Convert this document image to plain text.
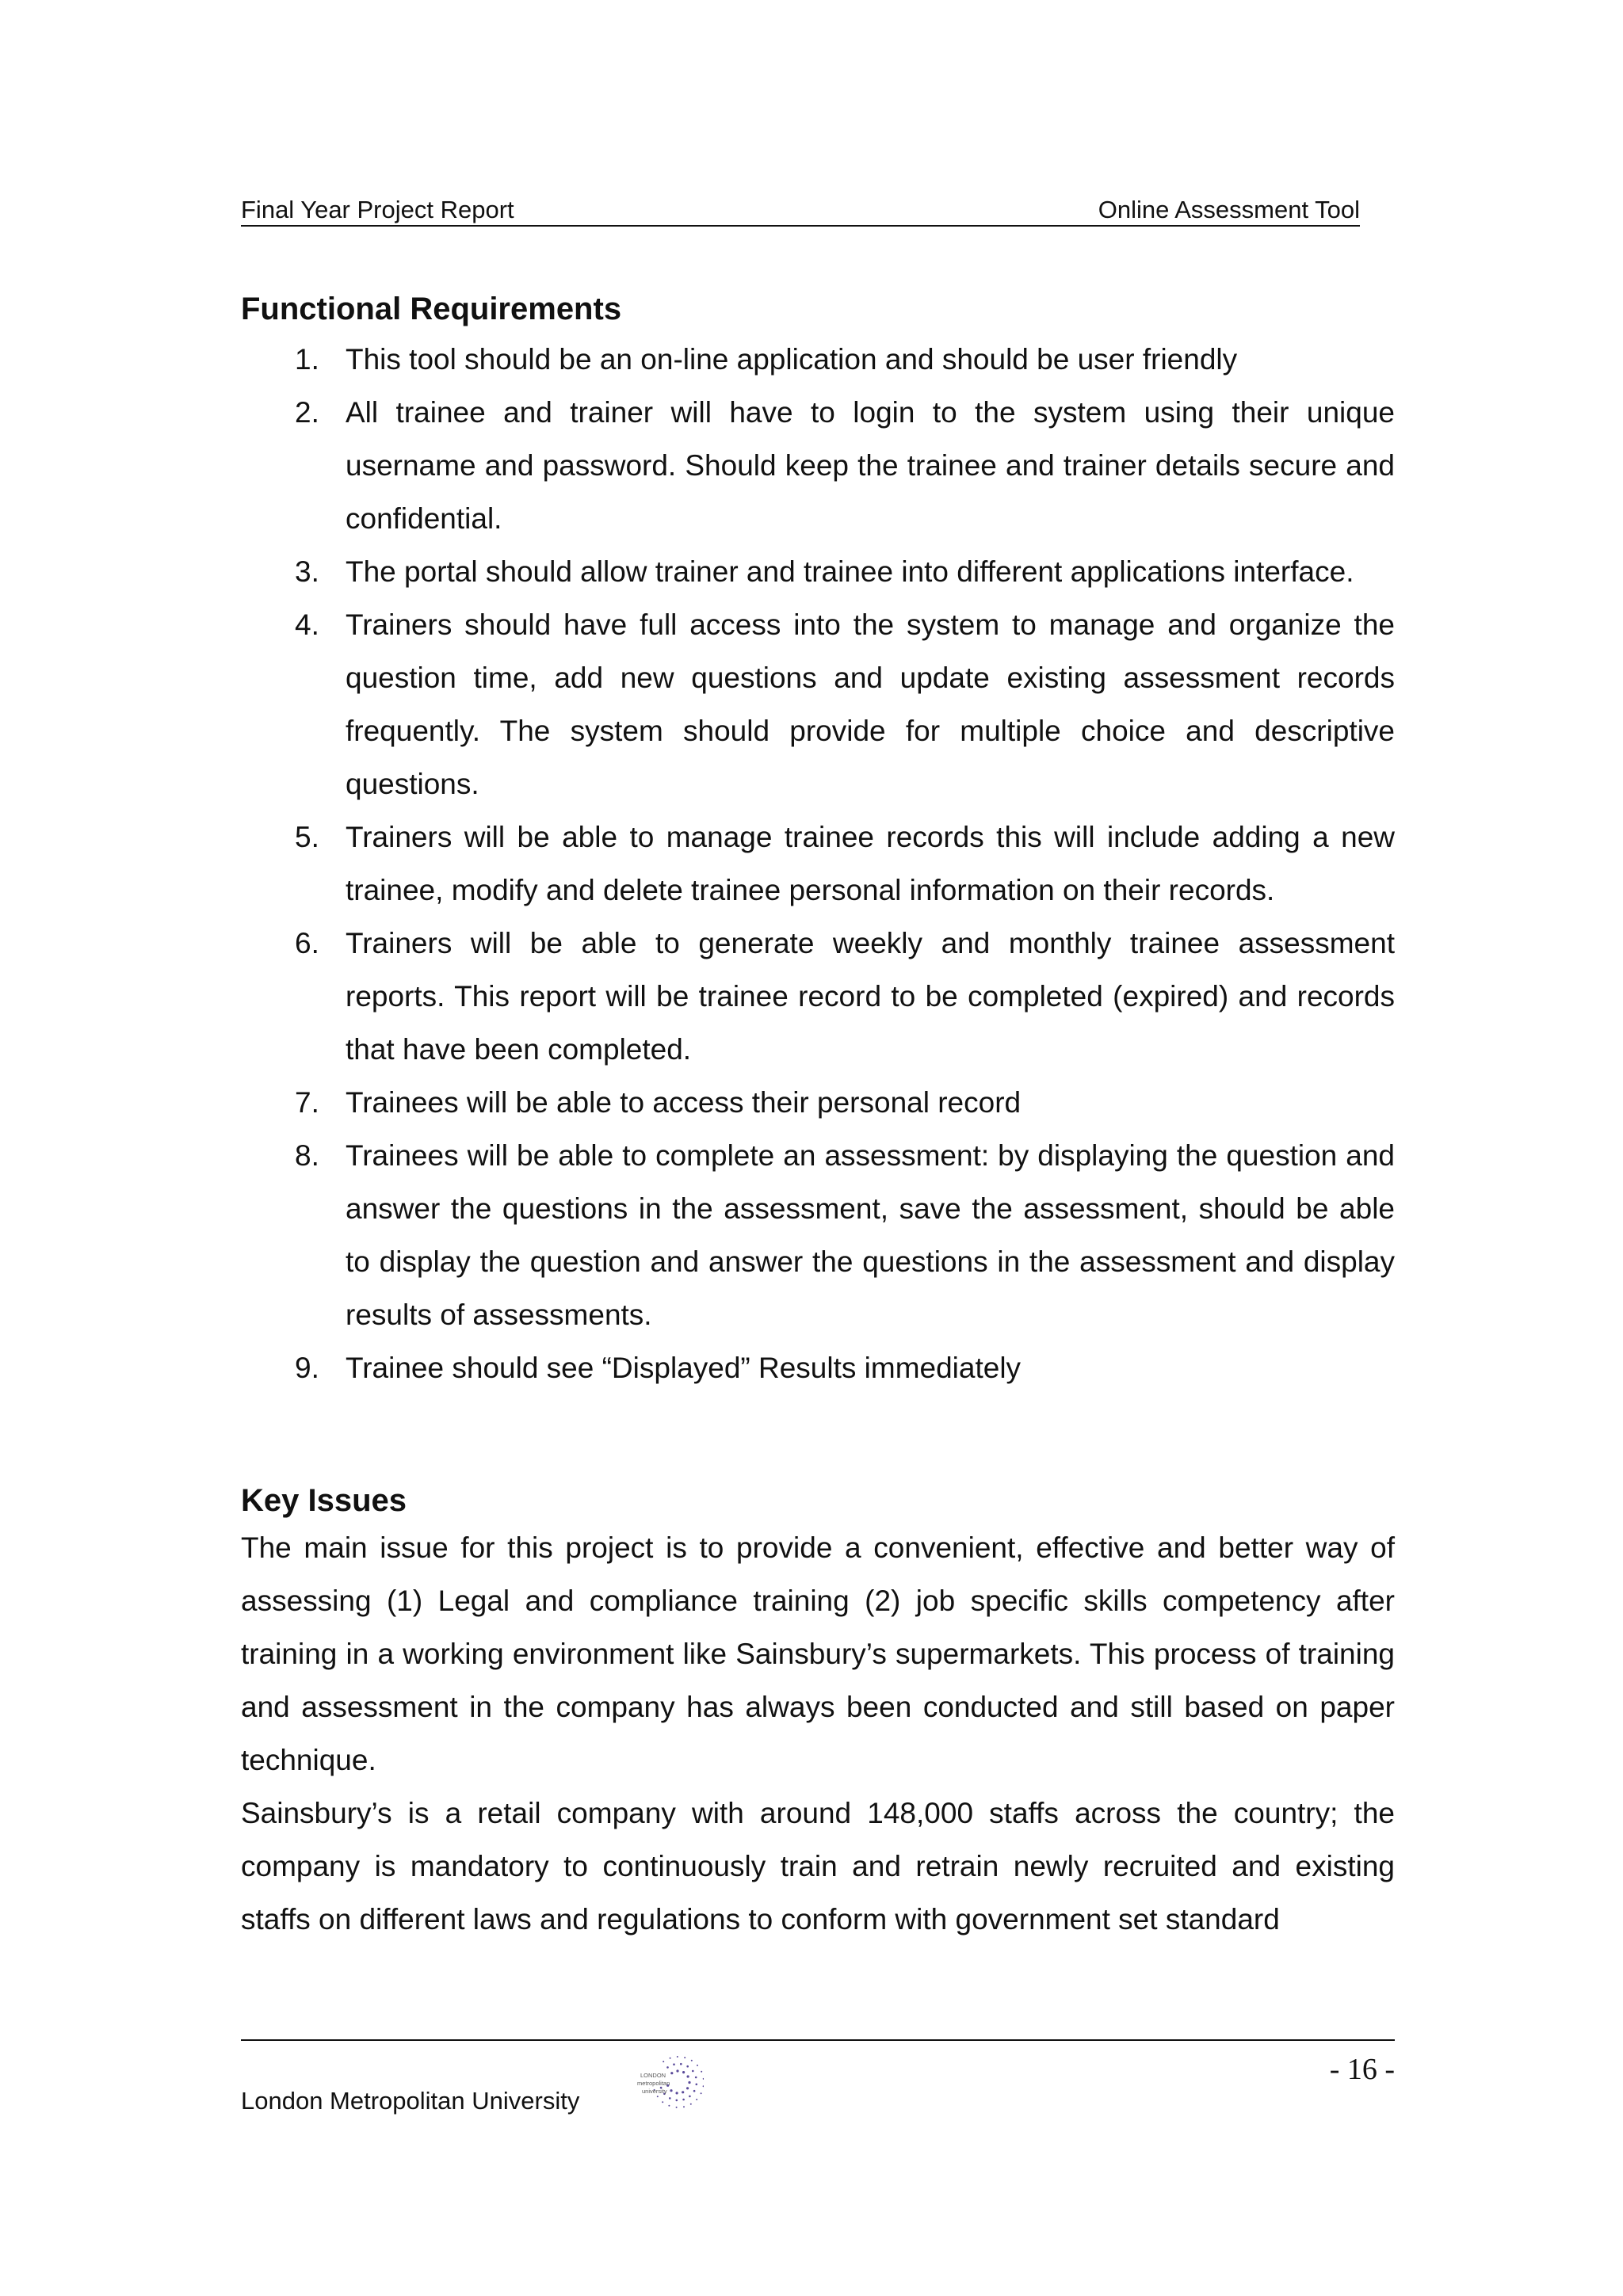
Final Year Project Report	Online Assessment Tool
Functional Requirements
1. This tool should be an on-line application and should be user friendly
2. All trainee and trainer will have to login to the system using their unique username and password. Should keep the trainee and trainer details secure and confidential.
3. The portal should allow trainer and trainee into different applications interface.
4. Trainers should have full access into the system to manage and organize the question time, add new questions and update existing assessment records frequently. The system should provide for multiple choice and descriptive questions.
5. Trainers will be able to manage trainee records this will include adding a new trainee, modify and delete trainee personal information on their records.
6. Trainers will be able to generate weekly and monthly trainee assessment reports. This report will be trainee record to be completed (expired) and records that have been completed.
7. Trainees will be able to access their personal record
8. Trainees will be able to complete an assessment: by displaying the question and answer the questions in the assessment, save the assessment, should be able to display the question and answer the questions in the assessment and display results of assessments.
9. Trainee should see “Displayed” Results immediately
Key Issues

The main issue for this project is to provide a convenient, effective and better way of assessing (1) Legal and compliance training (2) job specific skills competency after training in a working environment like Sainsbury’s supermarkets. This process of training and assessment in the company has always been conducted and still based on paper technique.

Sainsbury’s is a retail company with around 148,000 staffs across the country; the company is mandatory to continuously train and retrain newly recruited and existing staffs on different laws and regulations to conform with government set standard

London Metropolitan University
LONDON
metropolitan
university
- 16 -
